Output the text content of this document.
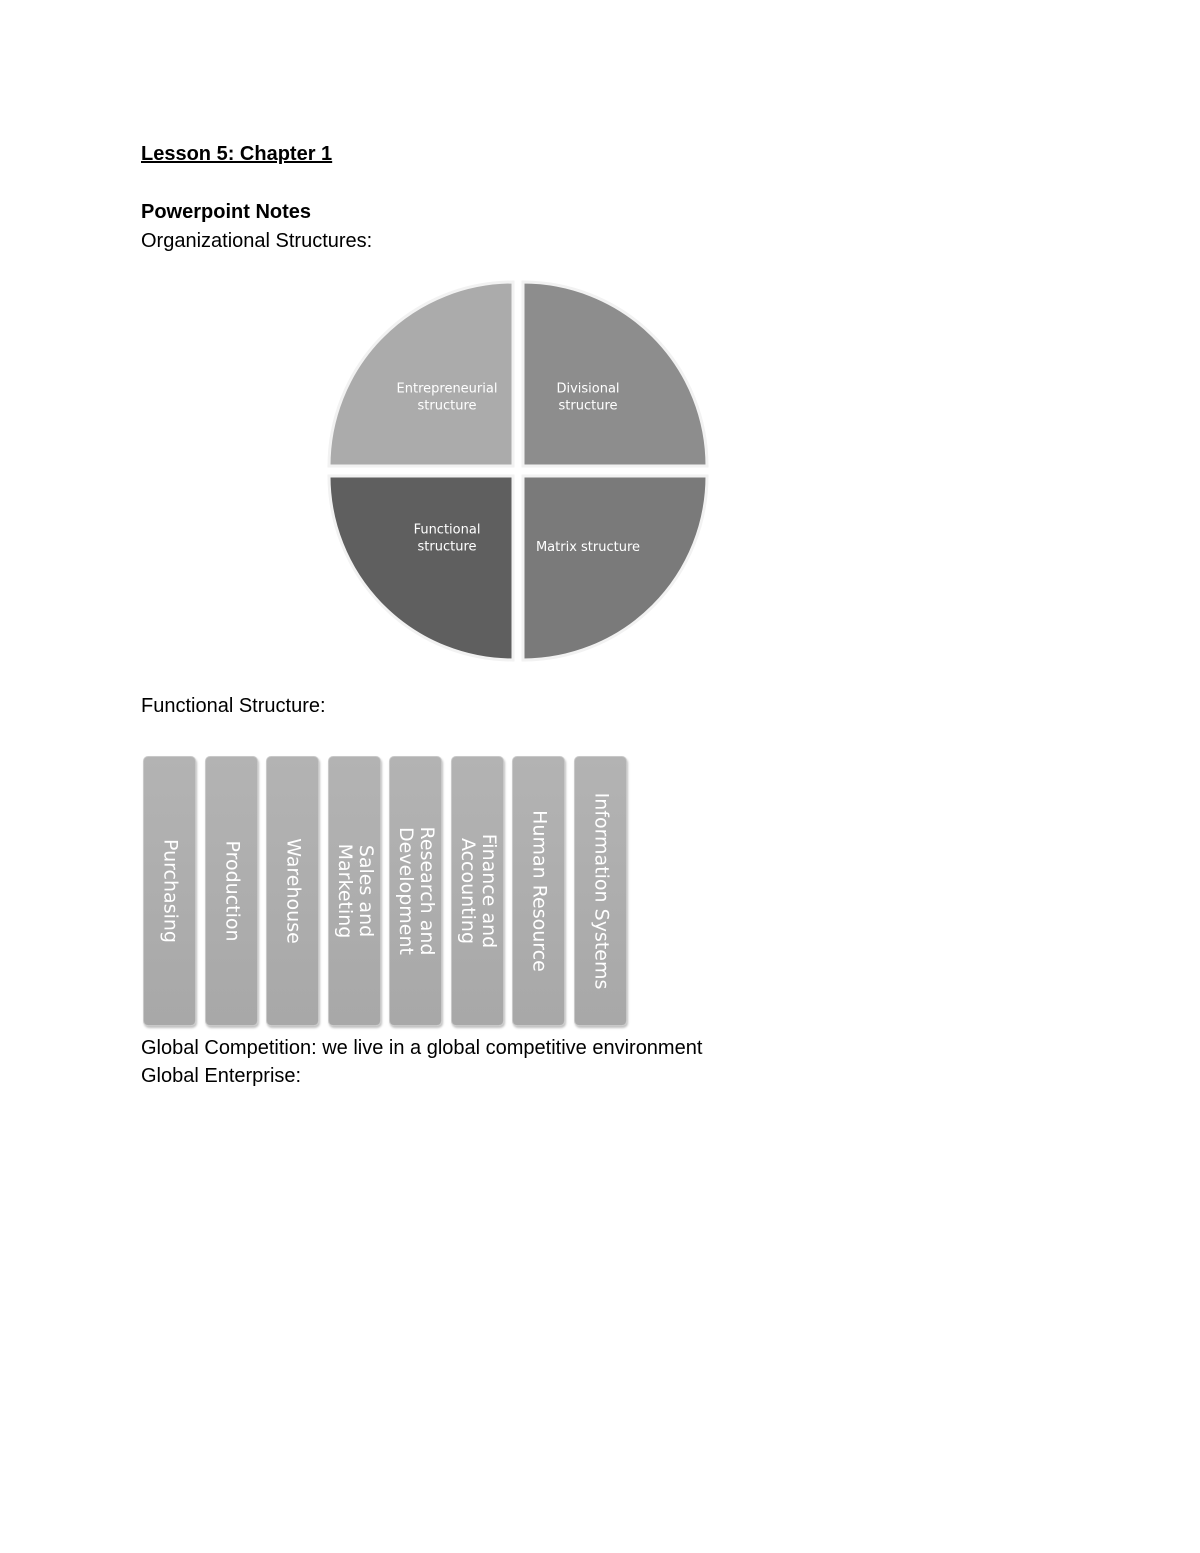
Lesson 5: Chapter 1
Powerpoint Notes
Organizational Structures:
Entrepreneurial structure
Divisional structure
Functional structure	Matrix structure
Functional Structure:
Purchasing Production Warehouse	Sales and
Marketing	Research and
Development	Finance and
Accounting	Human Resource Information Systems
Global Competition: we live in a global competitive environment
Global Enterprise:
